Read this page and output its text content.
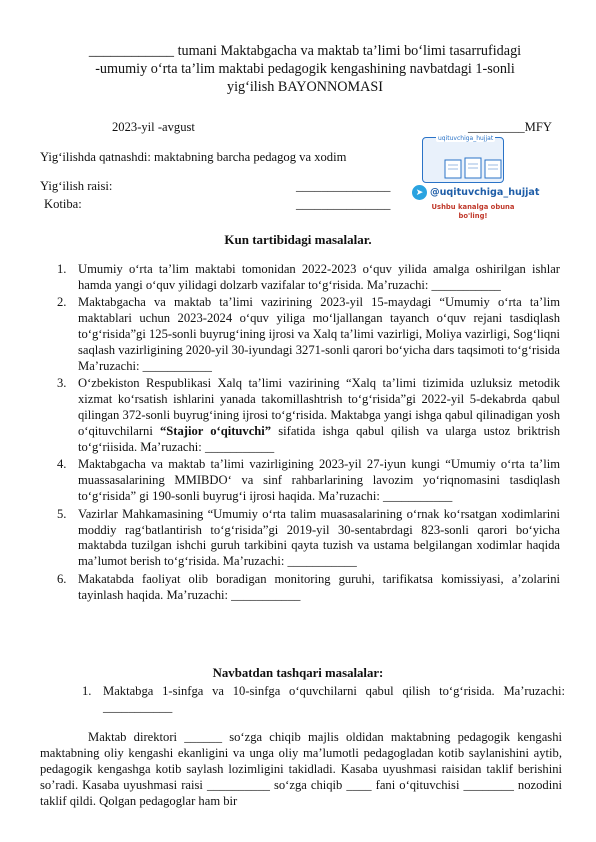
____________ tumani Maktabgacha va maktab ta’limi bo‘limi tasarrufidagi
-umumiy o‘rta ta’lim maktabi pedagogik kengashining navbatdagi 1-sonli
yig‘ilish BAYONNOMASI
2023-yil -avgust	_________MFY
Yig‘ilishda qatnashdi: maktabning barcha pedagog va xodim
Yig‘ilish raisi:	_______________
Kotiba:	_______________
uqituvchiga_hujjat
➤ @uqituvchiga_hujjat
Ushbu kanalga obuna bo'ling!
Kun tartibidagi masalalar.
1. Umumiy o‘rta ta’lim maktabi tomonidan 2022-2023 o‘quv yilida amalga oshirilgan ishlar hamda yangi o‘quv yilidagi dolzarb vazifalar to‘g‘risida. Ma’ruzachi: ___________
2. Maktabgacha va maktab ta’limi vazirining 2023-yil 15-maydagi “Umumiy o‘rta ta’lim maktablari uchun 2023-2024 o‘quv yiliga mo‘ljallangan tayanch o‘quv rejani tasdiqlash to‘g‘risida”gi 125-sonli buyrug‘ining ijrosi va Xalq ta’limi vazirligi, Moliya vazirligi, Sog‘liqni saqlash vazirligining 2020-yil 30-iyundagi 3271-sonli qarori bo‘yicha dars taqsimoti to‘g‘risida Ma’ruzachi: ___________
3. O‘zbekiston Respublikasi Xalq ta’limi vazirining “Xalq ta’limi tizimida uzluksiz metodik xizmat ko‘rsatish ishlarini yanada takomillashtrish to‘g‘risida”gi 2022-yil 5-dekabrda qabul qilingan 372-sonli buyrug‘ining ijrosi to‘g‘risida. Maktabga yangi ishga qabul qilinadigan yosh o‘qituvchilarni “Stajior o‘qituvchi” sifatida ishga qabul qilish va ularga ustoz briktrish to‘g‘riisida. Ma’ruzachi: ___________
4. Maktabgacha va maktab ta’limi vazirligining 2023-yil 27-iyun kungi “Umumiy o‘rta ta’lim muassasalarining MMIBDO‘ va sinf rahbarlarining lavozim yo‘riqnomasini tasdiqlash to‘g‘risida” gi 190-sonli buyrug‘i ijrosi haqida. Ma’ruzachi: ___________
5. Vazirlar Mahkamasining “Umumiy o‘rta talim muasasalarining o‘rnak ko‘rsatgan xodimlarini moddiy rag‘batlantirish to‘g‘risida”gi 2019-yil 30-sentabrdagi 823-sonli qarori bo‘yicha maktabda tuzilgan ishchi guruh tarkibini qayta tuzish va ustama belgilangan xodimlar haqida ma’lumot berish to‘g‘risida. Ma’ruzachi: ___________
6. Makatabda faoliyat olib boradigan monitoring guruhi, tarifikatsa komissiyasi, a’zolarini tayinlash haqida. Ma’ruzachi: ___________
Navbatdan tashqari masalalar:
1. Maktabga 1-sinfga va 10-sinfga o‘quvchilarni qabul qilish to‘g‘risida. Ma’ruzachi: ___________
Maktab direktori ______ so‘zga chiqib majlis oldidan maktabning pedagogik kengashi maktabning oliy kengashi ekanligini va unga oliy ma’lumotli pedagogladan kotib saylanishini aytib, pedagogik kengashga kotib saylash lozimligini takidladi. Kasaba uyushmasi raisidan taklif berishini so’radi. Kasaba uyushmasi raisi __________ so‘zga chiqib ____ fani o‘qituvchisi ________ nozodini taklif qildi. Qolgan pedagoglar ham bir
